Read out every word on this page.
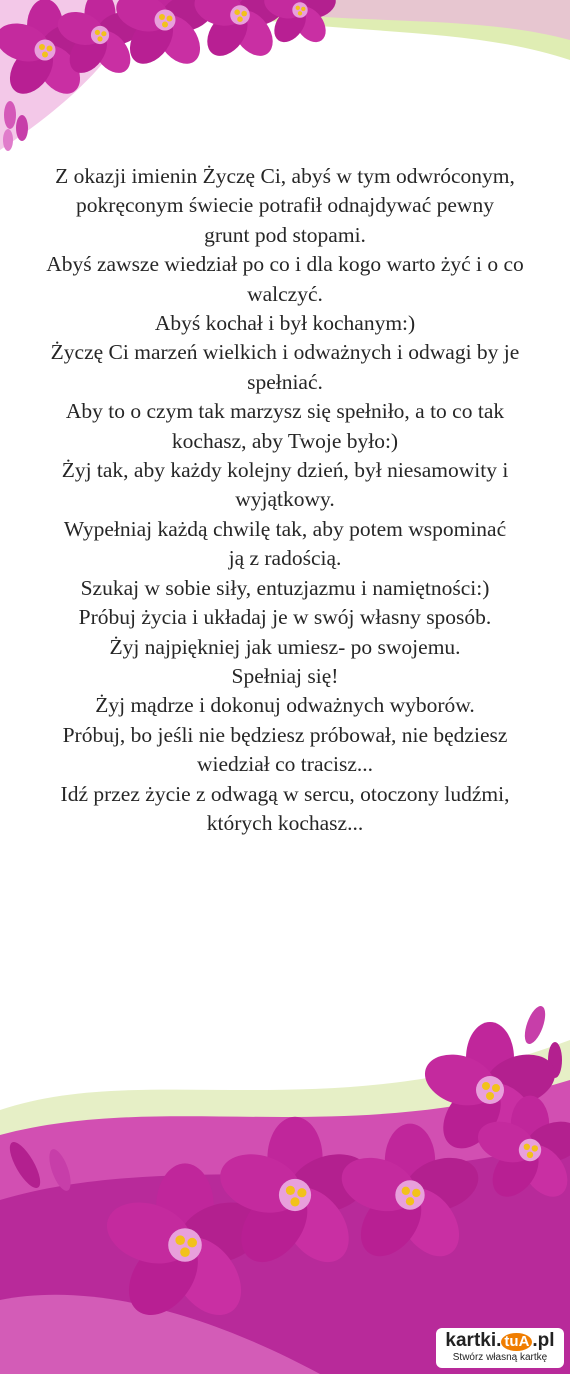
Z okazji imienin Życzę Ci, abyś w tym odwróconym,
pokręconym świecie potrafił odnajdywać pewny
grunt pod stopami.
Abyś zawsze wiedział po co i dla kogo warto żyć i o co
walczyć.
Abyś kochał i był kochanym:)
Życzę Ci marzeń wielkich i odważnych i odwagi by je
spełniać.
Aby to o czym tak marzysz się spełniło, a to co tak
kochasz, aby Twoje było:)
Żyj tak, aby każdy kolejny dzień, był niesamowity i
wyjątkowy.
Wypełniaj każdą chwilę tak, aby potem wspominać
ją z radością.
Szukaj w sobie siły, entuzjazmu i namiętności:)
Próbuj życia i układaj je w swój własny sposób.
Żyj najpiękniej jak umiesz- po swojemu.
Spełniaj się!
Żyj mądrze i dokonuj odważnych wyborów.
Próbuj, bo jeśli nie będziesz próbował, nie będziesz
wiedział co tracisz...
Idź przez życie z odwagą w sercu, otoczony ludźmi,
których kochasz...
kartki. tuA .pl
Stwórz własną kartkę
